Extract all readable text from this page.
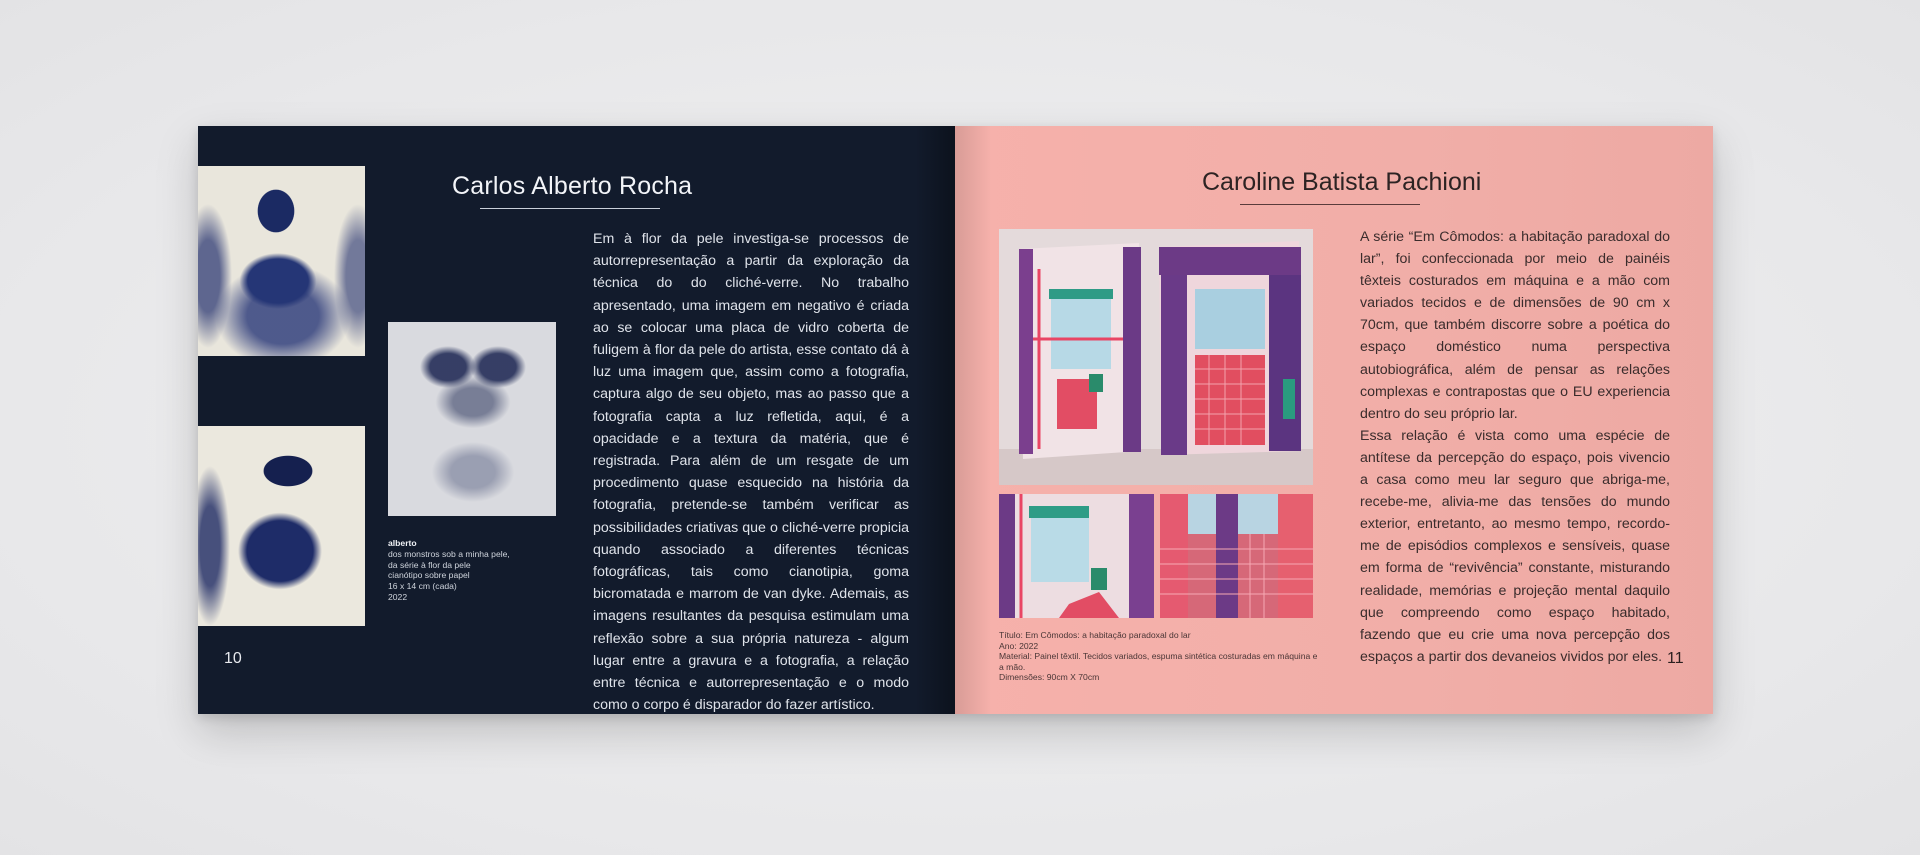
alberto
dos monstros sob a minha pele,
da série à flor da pele
cianótipo sobre papel
16 x 14 cm (cada)
2022
Carlos Alberto Rocha

Em à flor da pele investiga-se processos de autorrepresentação a partir da exploração da técnica do do cliché-verre. No trabalho apresentado, uma imagem em negativo é criada ao se colocar uma placa de vidro coberta de fuligem à flor da pele do artista, esse contato dá à luz uma imagem que, assim como a fotografia, captura algo de seu objeto, mas ao passo que a fotografia capta a luz refletida, aqui, é a opacidade e a textura da matéria, que é registrada. Para além de um resgate de um procedimento quase esquecido na história da fotografia, pretende-se também verificar as possibilidades criativas que o cliché-verre propicia quando associado a diferentes técnicas fotográficas, tais como cianotipia, goma bicromatada e marrom de van dyke. Ademais, as imagens resultantes da pesquisa estimulam uma reflexão sobre a sua própria natureza - algum lugar entre a gravura e a fotografia, a relação entre técnica e autorrepresentação e o modo como o corpo é disparador do fazer artístico.

10
Caroline Batista Pachioni
Título: Em Cômodos: a habitação paradoxal do lar
Ano: 2022
Material: Painel têxtil. Tecidos variados, espuma sintética costuradas em máquina e a mão.
Dimensões: 90cm X 70cm

A série “Em Cômodos: a habitação paradoxal do lar”, foi confeccionada por meio de painéis têxteis costurados em máquina e a mão com variados tecidos e de dimensões de 90 cm x 70cm, que também discorre sobre a poética do espaço doméstico numa perspectiva autobiográfica, além de pensar as relações complexas e contrapostas que o EU experiencia dentro do seu próprio lar.

Essa relação é vista como uma espécie de antítese da percepção do espaço, pois vivencio a casa como meu lar seguro que abriga-me, recebe-me, alivia-me das tensões do mundo exterior, entretanto, ao mesmo tempo, recordo-me de episódios complexos e sensíveis, quase em forma de “revivência” constante, misturando realidade, memórias e projeção mental daquilo que compreendo como espaço habitado, fazendo que eu crie uma nova percepção dos espaços a partir dos devaneios vividos por eles. 11
